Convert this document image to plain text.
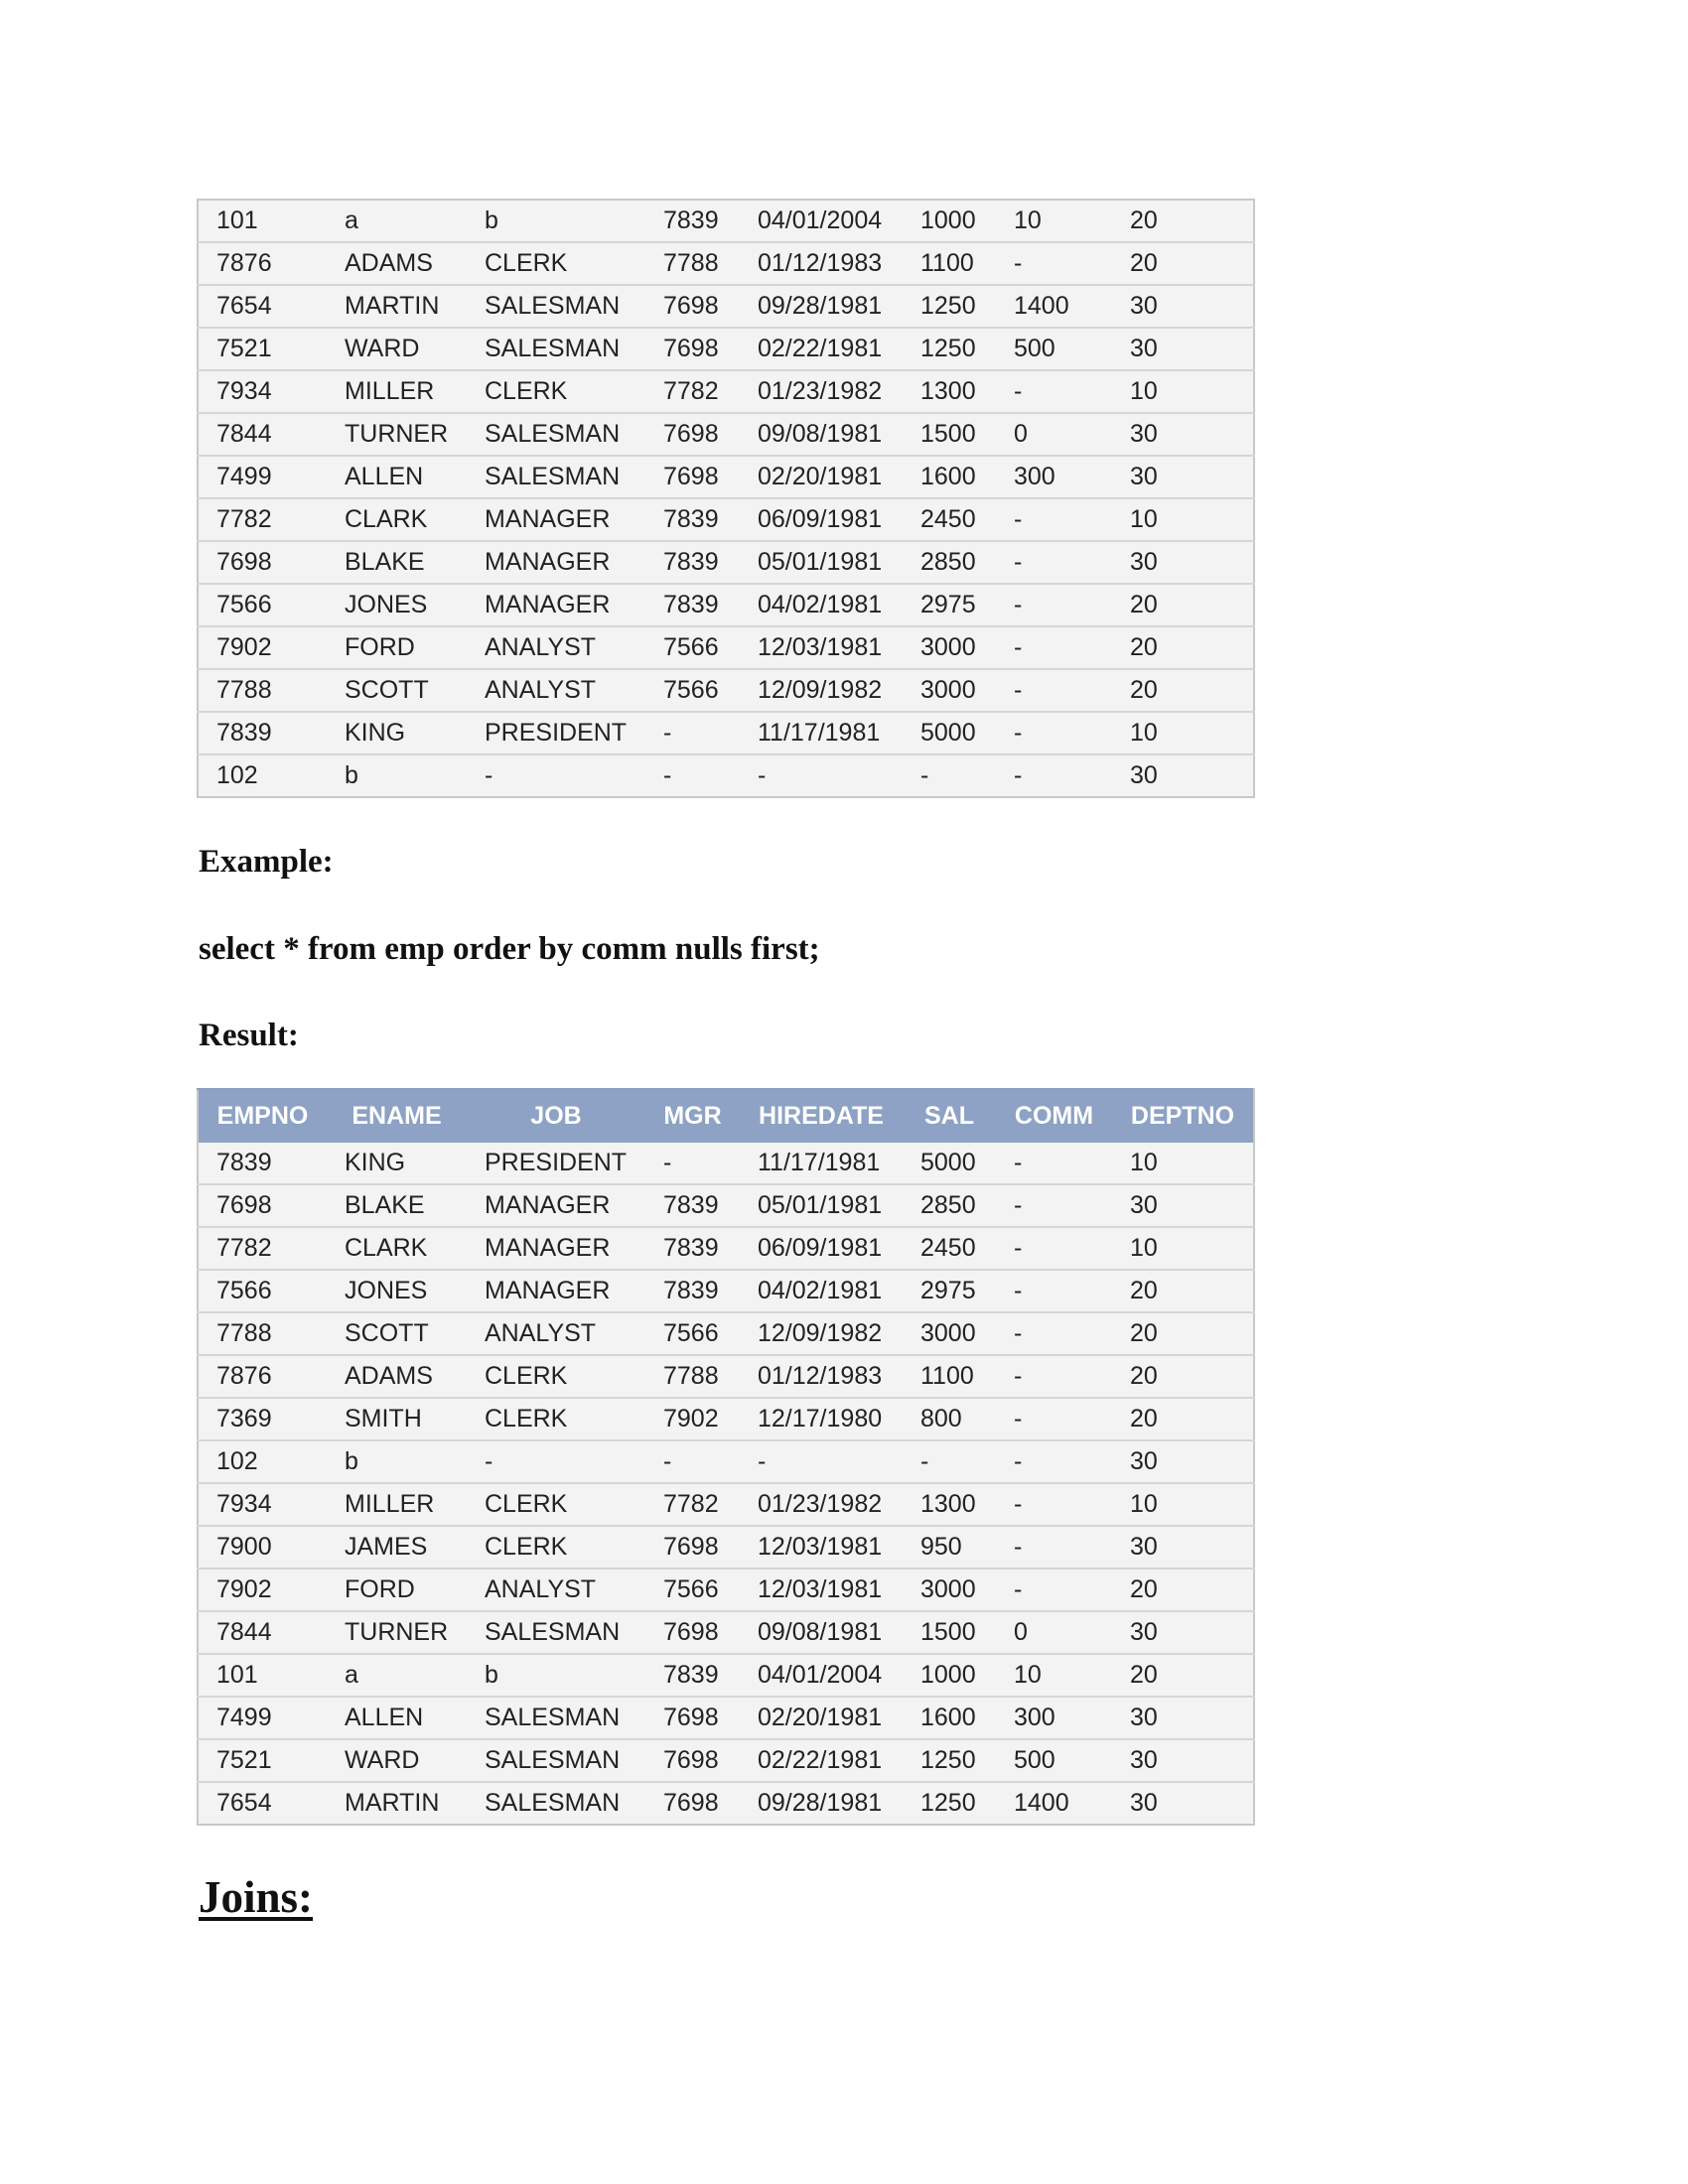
101	a	b	7839	04/01/2004	1000	10	20
7876	ADAMS	CLERK	7788	01/12/1983	1100	-	20
7654	MARTIN	SALESMAN	7698	09/28/1981	1250	1400	30
7521	WARD	SALESMAN	7698	02/22/1981	1250	500	30
7934	MILLER	CLERK	7782	01/23/1982	1300	-	10
7844	TURNER	SALESMAN	7698	09/08/1981	1500	0	30
7499	ALLEN	SALESMAN	7698	02/20/1981	1600	300	30
7782	CLARK	MANAGER	7839	06/09/1981	2450	-	10
7698	BLAKE	MANAGER	7839	05/01/1981	2850	-	30
7566	JONES	MANAGER	7839	04/02/1981	2975	-	20
7902	FORD	ANALYST	7566	12/03/1981	3000	-	20
7788	SCOTT	ANALYST	7566	12/09/1982	3000	-	20
7839	KING	PRESIDENT	-	11/17/1981	5000	-	10
102	b	-	-	-	-	-	30

Example:

select * from emp order by comm nulls first;

Result:

EMPNO	ENAME	JOB	MGR	HIREDATE	SAL	COMM	DEPTNO
7839	KING	PRESIDENT	-	11/17/1981	5000	-	10
7698	BLAKE	MANAGER	7839	05/01/1981	2850	-	30
7782	CLARK	MANAGER	7839	06/09/1981	2450	-	10
7566	JONES	MANAGER	7839	04/02/1981	2975	-	20
7788	SCOTT	ANALYST	7566	12/09/1982	3000	-	20
7876	ADAMS	CLERK	7788	01/12/1983	1100	-	20
7369	SMITH	CLERK	7902	12/17/1980	800	-	20
102	b	-	-	-	-	-	30
7934	MILLER	CLERK	7782	01/23/1982	1300	-	10
7900	JAMES	CLERK	7698	12/03/1981	950	-	30
7902	FORD	ANALYST	7566	12/03/1981	3000	-	20
7844	TURNER	SALESMAN	7698	09/08/1981	1500	0	30
101	a	b	7839	04/01/2004	1000	10	20
7499	ALLEN	SALESMAN	7698	02/20/1981	1600	300	30
7521	WARD	SALESMAN	7698	02/22/1981	1250	500	30
7654	MARTIN	SALESMAN	7698	09/28/1981	1250	1400	30
Joins:
